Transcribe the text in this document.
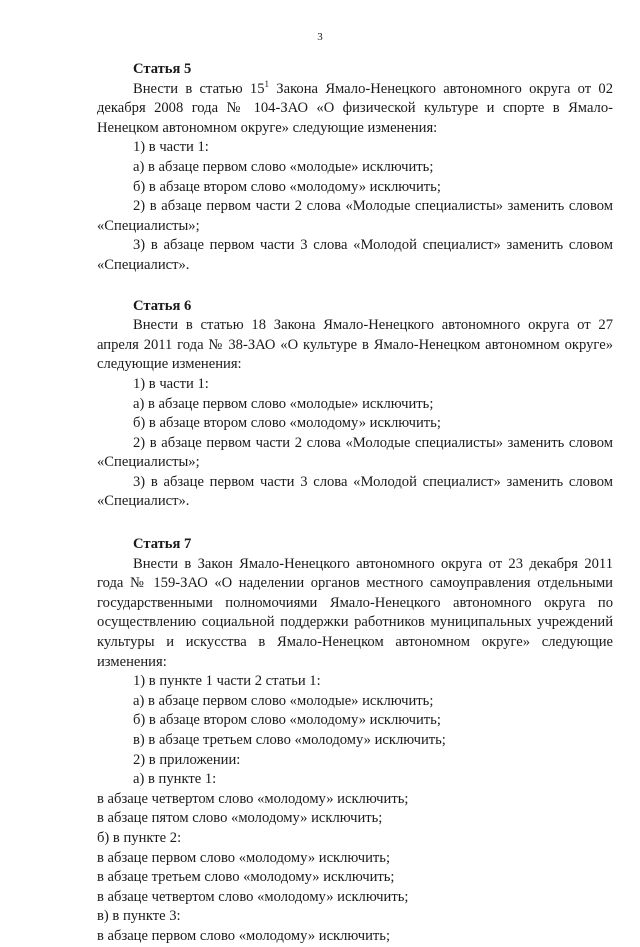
3

Статья 5

Внести в статью $15^1$ Закона Ямало-Ненецкого автономного округа от 02 декабря 2008 года № 104-ЗАО «О физической культуре и спорте в Ямало-Ненецком автономном округе» следующие изменения:

1) в части 1:

а) в абзаце первом слово «молодые» исключить;

б) в абзаце втором слово «молодому» исключить;

2) в абзаце первом части 2 слова «Молодые специалисты» заменить словом «Специалисты»;

3) в абзаце первом части 3 слова «Молодой специалист» заменить словом «Специалист».

Статья 6

Внести в статью 18 Закона Ямало-Ненецкого автономного округа от 27 апреля 2011 года № 38-ЗАО «О культуре в Ямало-Ненецком автономном округе» следующие изменения:

1) в части 1:

а) в абзаце первом слово «молодые» исключить;

б) в абзаце втором слово «молодому» исключить;

2) в абзаце первом части 2 слова «Молодые специалисты» заменить словом «Специалисты»;

3) в абзаце первом части 3 слова «Молодой специалист» заменить словом «Специалист».

Статья 7

Внести в Закон Ямало-Ненецкого автономного округа от 23 декабря 2011 года № 159-ЗАО «О наделении органов местного самоуправления отдельными государственными полномочиями Ямало-Ненецкого автономного округа по осуществлению социальной поддержки работников муниципальных учреждений культуры и искусства в Ямало-Ненецком автономном округе» следующие изменения:

1) в пункте 1 части 2 статьи 1:

а) в абзаце первом слово «молодые» исключить;

б) в абзаце втором слово «молодому» исключить;

в) в абзаце третьем слово «молодому» исключить;

2) в приложении:

а) в пункте 1:

в абзаце четвертом слово «молодому» исключить;

в абзаце пятом слово «молодому» исключить;

б) в пункте 2:

в абзаце первом слово «молодому» исключить;

в абзаце третьем слово «молодому» исключить;

в абзаце четвертом слово «молодому» исключить;

в) в пункте 3:

в абзаце первом слово «молодому» исключить;
